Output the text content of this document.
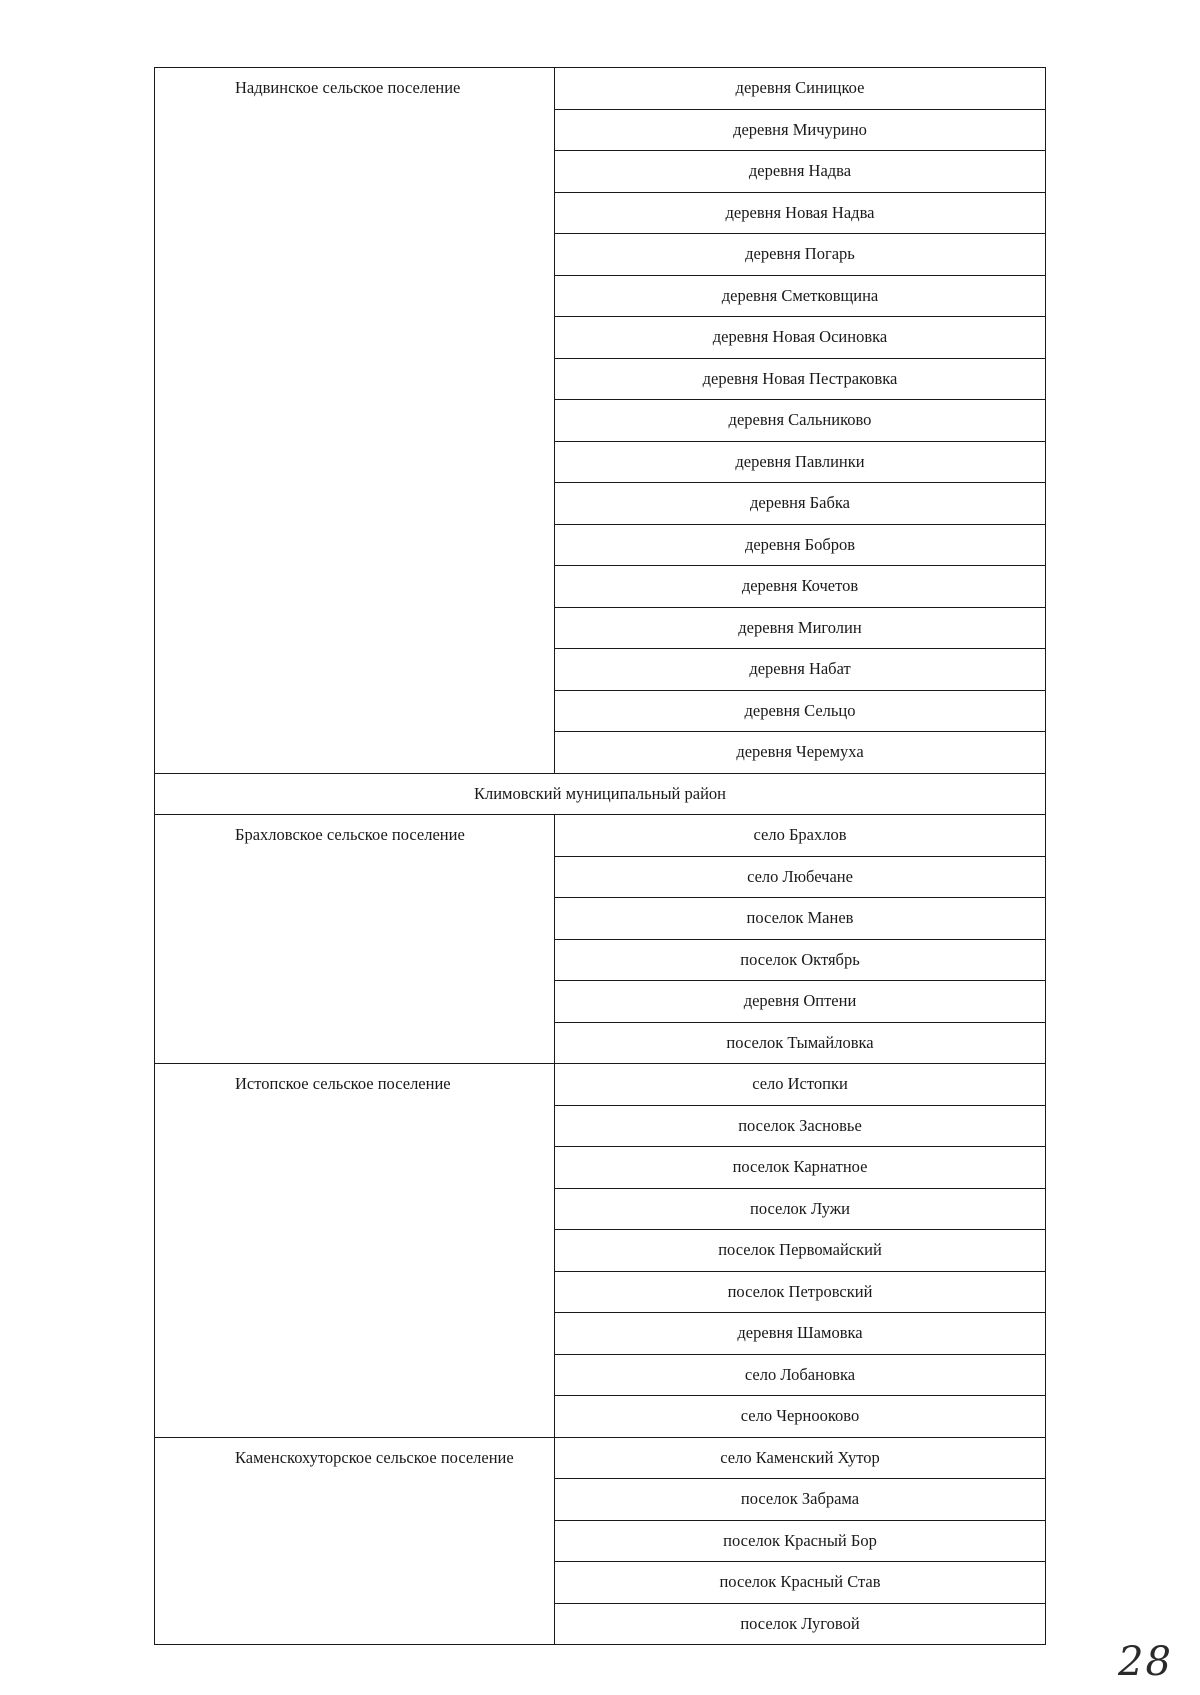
Надвинское сельское поселение	деревня Синицкое
	деревня Мичурино
	деревня Надва
	деревня Новая Надва
	деревня Погарь
	деревня Сметковщина
	деревня Новая Осиновка
	деревня Новая Пестраковка
	деревня Сальниково
	деревня Павлинки
	деревня Бабка
	деревня Бобров
	деревня Кочетов
	деревня Миголин
	деревня Набат
	деревня Сельцо
	деревня Черемуха
Климовский муниципальный район	
Брахловское сельское поселение	село Брахлов
	село Любечане
	поселок Манев
	поселок Октябрь
	деревня Оптени
	поселок Тымайловка
Истопское сельское поселение	село Истопки
	поселок Засновье
	поселок Карнатное
	поселок Лужи
	поселок Первомайский
	поселок Петровский
	деревня Шамовка
	село Лобановка
	село Чернооково
Каменскохуторское сельское поселение	село Каменский Хутор
	поселок Забрама
	поселок Красный Бор
	поселок Красный Став
	поселок Луговой
28
